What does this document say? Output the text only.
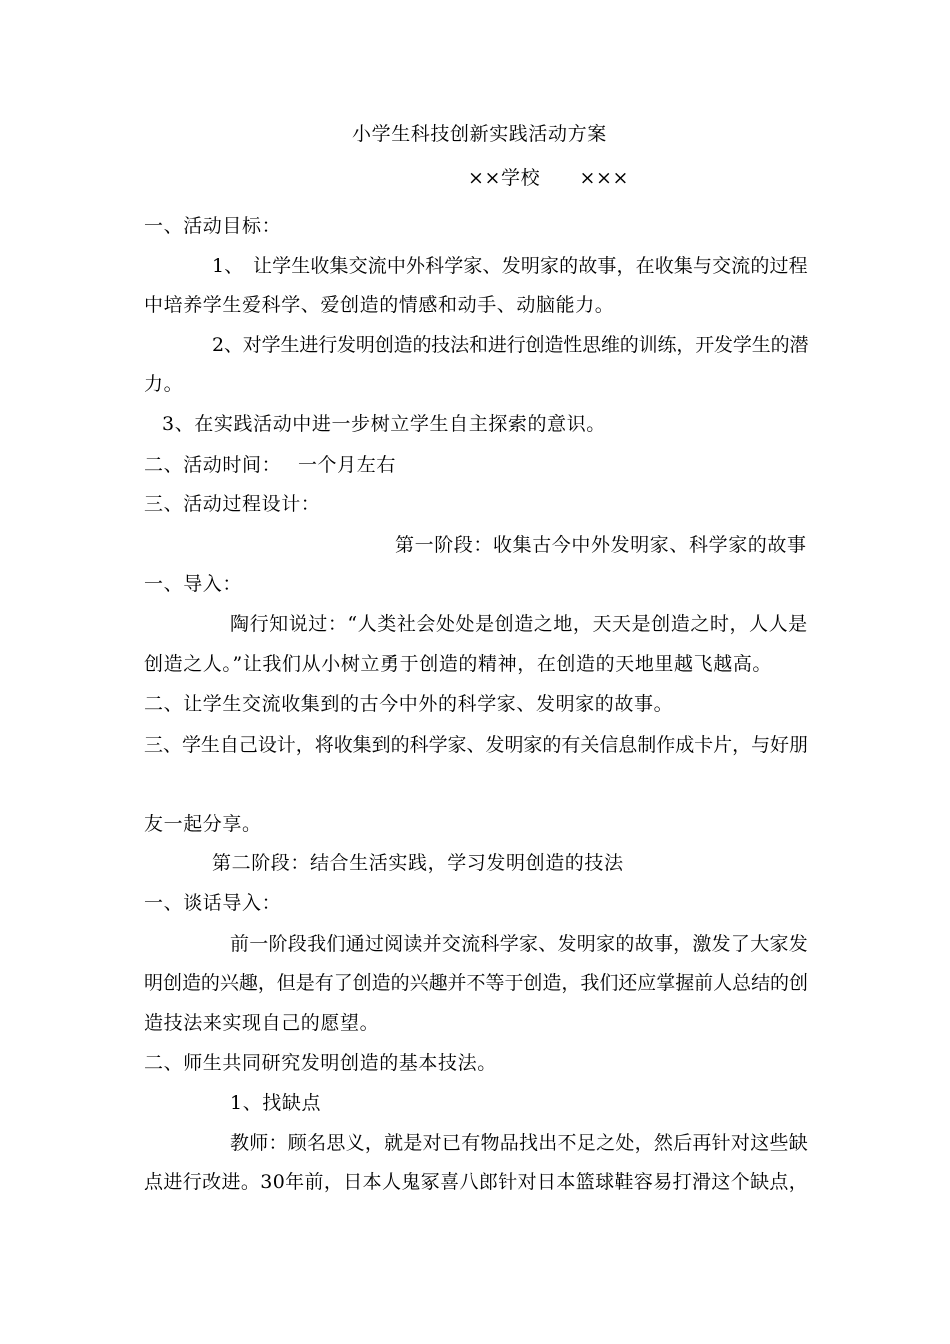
小学生科技创新实践活动方案
××学校　　×××
一、活动目标：
1、　让学生收集交流中外科学家、发明家的故事，在收集与交流的过程
中培养学生爱科学、爱创造的情感和动手、动脑能力。
2、对学生进行发明创造的技法和进行创造性思维的训练，开发学生的潜
力。
3、在实践活动中进一步树立学生自主探索的意识。
二、活动时间：　 一个月左右
三、活动过程设计：
第一阶段：收集古今中外发明家、科学家的故事
一、导入：
陶行知说过：“人类社会处处是创造之地，天天是创造之时，人人是
创造之人。”让我们从小树立勇于创造的精神，在创造的天地里越飞越高。
二、让学生交流收集到的古今中外的科学家、发明家的故事。
三、学生自己设计，将收集到的科学家、发明家的有关信息制作成卡片，与好朋
友一起分享。
第二阶段：结合生活实践，学习发明创造的技法
一、谈话导入：
前一阶段我们通过阅读并交流科学家、发明家的故事，激发了大家发
明创造的兴趣，但是有了创造的兴趣并不等于创造，我们还应掌握前人总结的创
造技法来实现自己的愿望。
二、师生共同研究发明创造的基本技法。
1、找缺点
教师：顾名思义，就是对已有物品找出不足之处，然后再针对这些缺
点进行改进。30年前，日本人鬼冢喜八郎针对日本篮球鞋容易打滑这个缺点，
